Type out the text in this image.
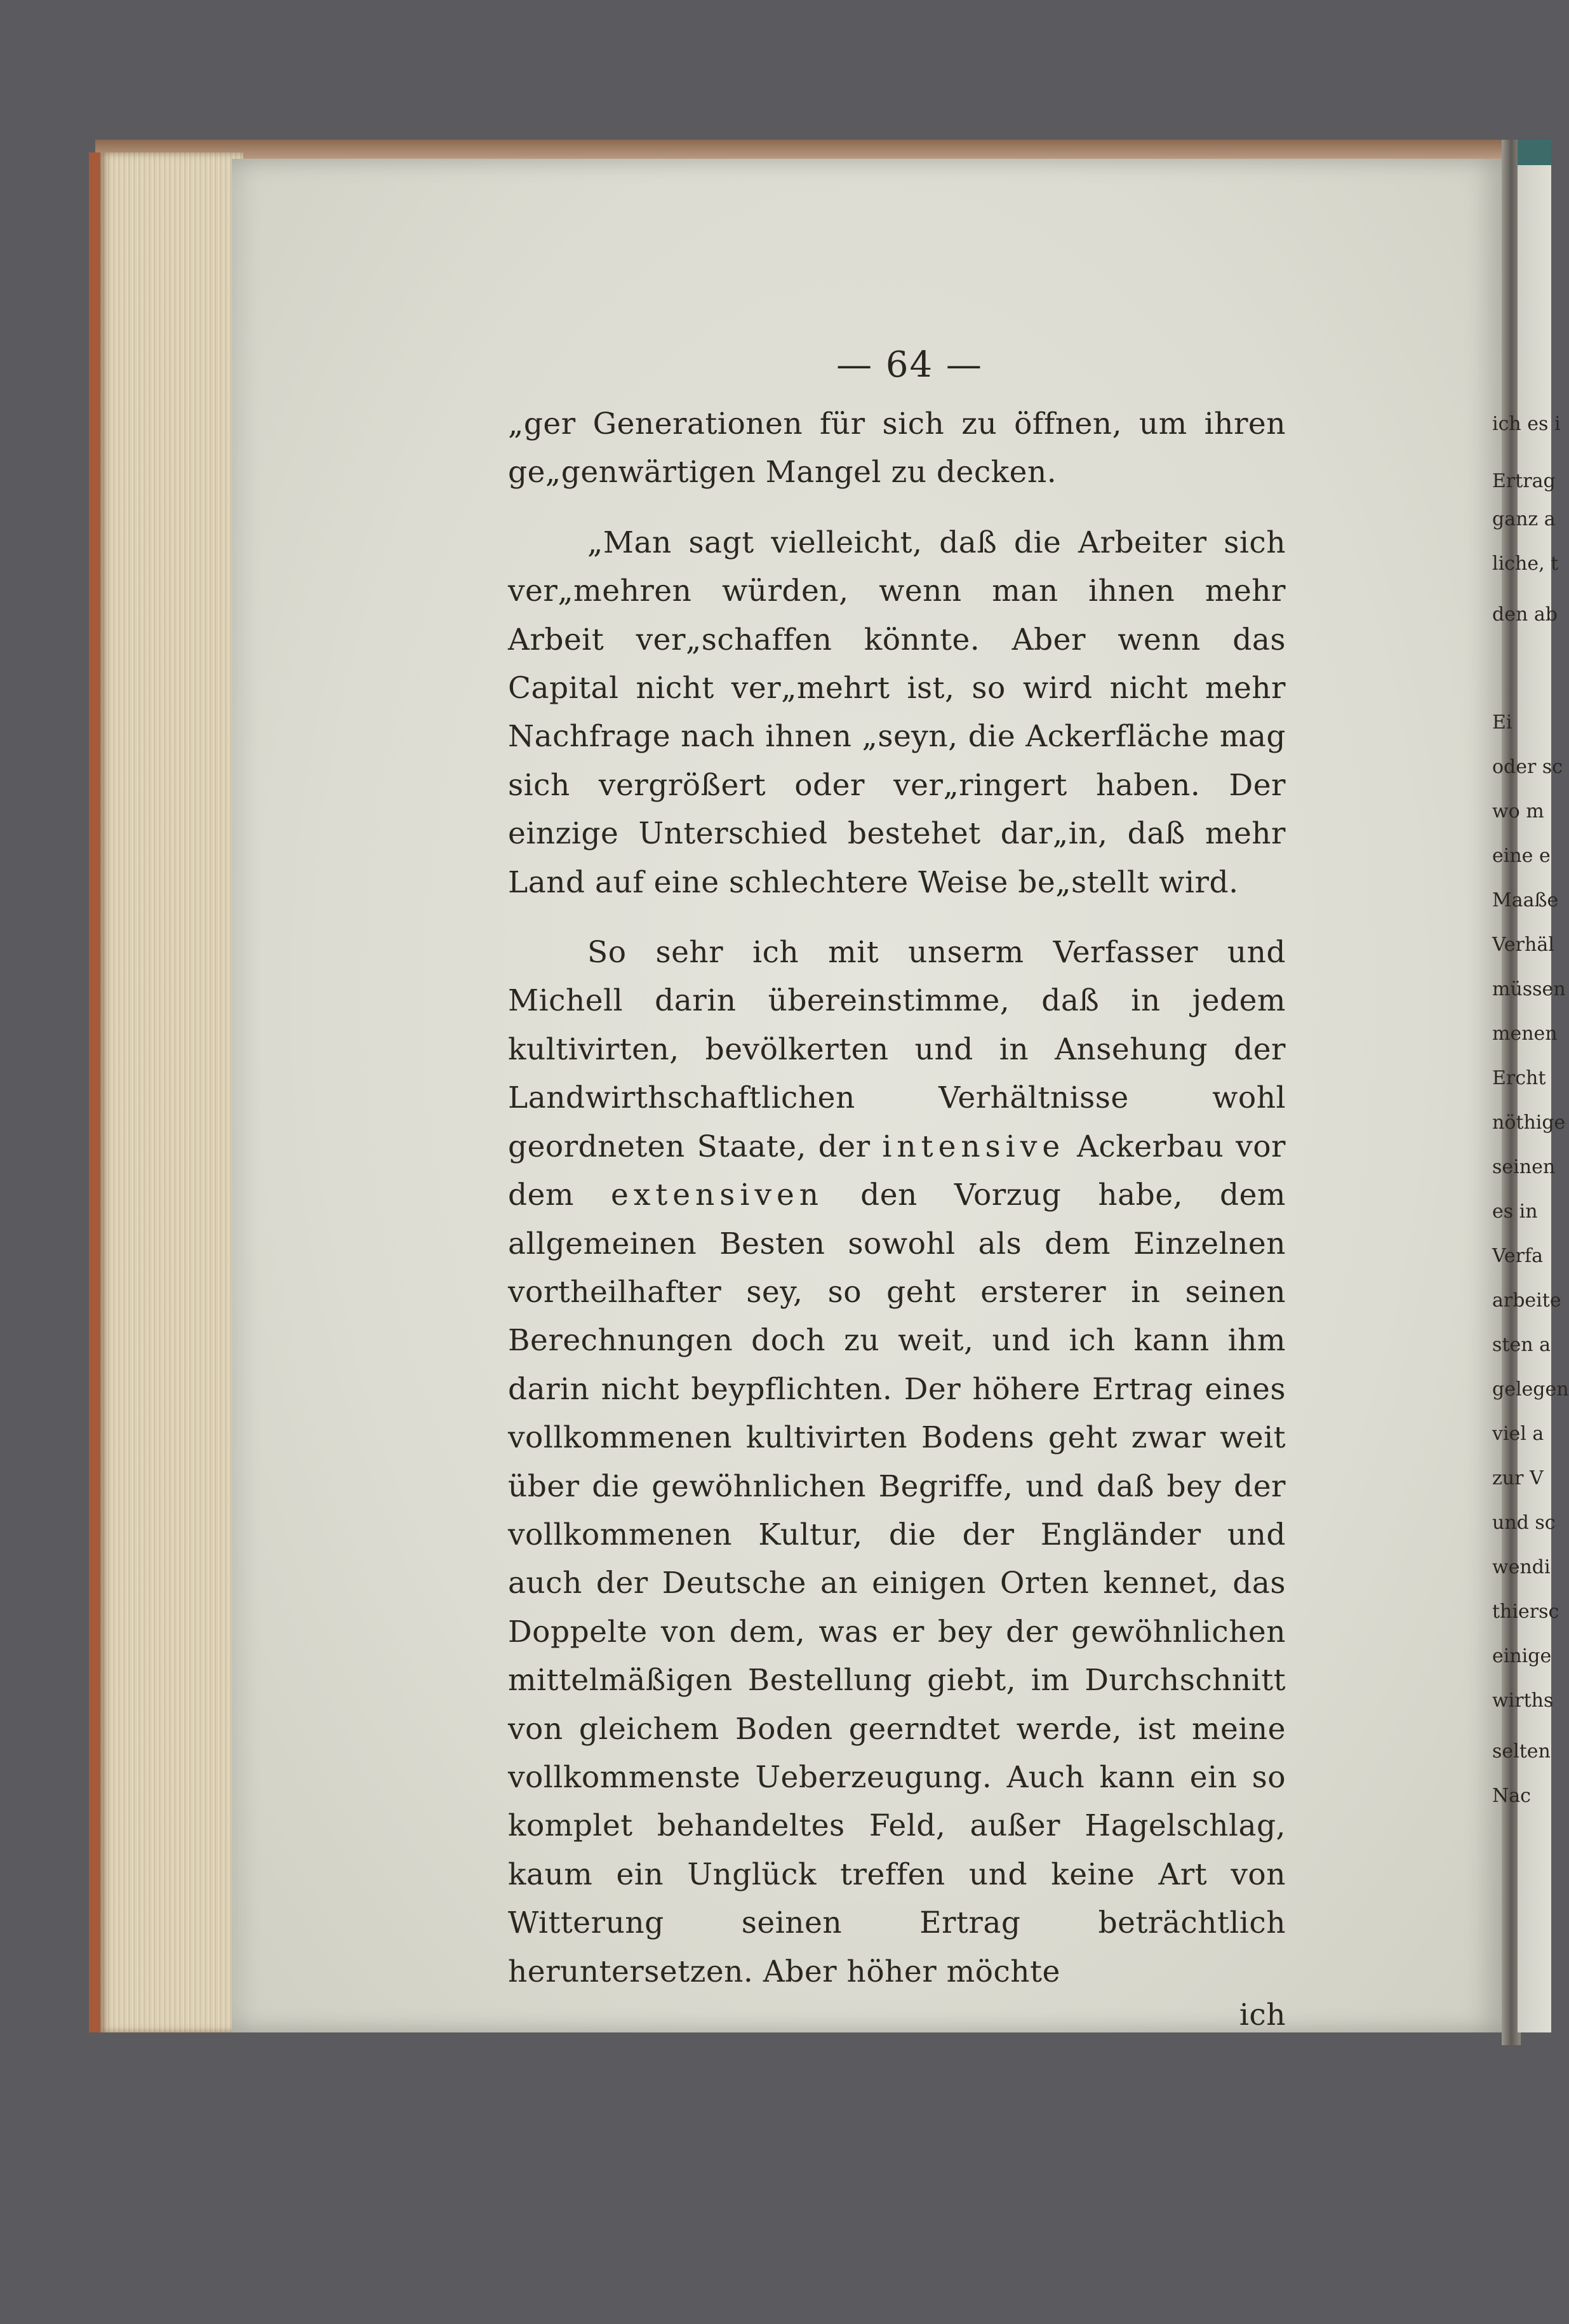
— 64 —

„ger Generationen für sich zu öffnen, um ihren ge„genwärtigen Mangel zu decken.

„Man sagt vielleicht, daß die Arbeiter sich ver„mehren würden, wenn man ihnen mehr Arbeit ver„schaffen könnte. Aber wenn das Capital nicht ver„mehrt ist, so wird nicht mehr Nachfrage nach ihnen „seyn, die Ackerfläche mag sich vergrößert oder ver„ringert haben. Der einzige Unterschied bestehet dar„in, daß mehr Land auf eine schlechtere Weise be„stellt wird.

So sehr ich mit unserm Verfasser und Michell darin übereinstimme, daß in jedem kultivirten, bevölkerten und in Ansehung der Landwirthschaftlichen Verhältnisse wohl geordneten Staate, der intensive Ackerbau vor dem extensiven den Vorzug habe, dem allgemeinen Besten sowohl als dem Einzelnen vortheilhafter sey, so geht ersterer in seinen Berechnungen doch zu weit, und ich kann ihm darin nicht beypflichten. Der höhere Ertrag eines vollkommenen kultivirten Bodens geht zwar weit über die gewöhnlichen Begriffe, und daß bey der vollkommenen Kultur, die der Engländer und auch der Deutsche an einigen Orten kennet, das Doppelte von dem, was er bey der gewöhnlichen mittelmäßigen Bestellung giebt, im Durchschnitt von gleichem Boden geerndtet werde, ist meine vollkommenste Ueberzeugung. Auch kann ein so komplet behandeltes Feld, außer Hagelschlag, kaum ein Unglück treffen und keine Art von Witterung seinen Ertrag beträchtlich heruntersetzen. Aber höher möchte

ich

ich es i
Ertrag
ganz a
liche, t
den ab
Ei
oder sc
wo m
eine e
Maaße
Verhäl
müssen
menen
Ercht
nöthige
seinen
es in
Verfa
arbeite
sten a
gelegen
viel a
zur V
und sc
wendi
thiersc
einige
wirths
selten
Nac
